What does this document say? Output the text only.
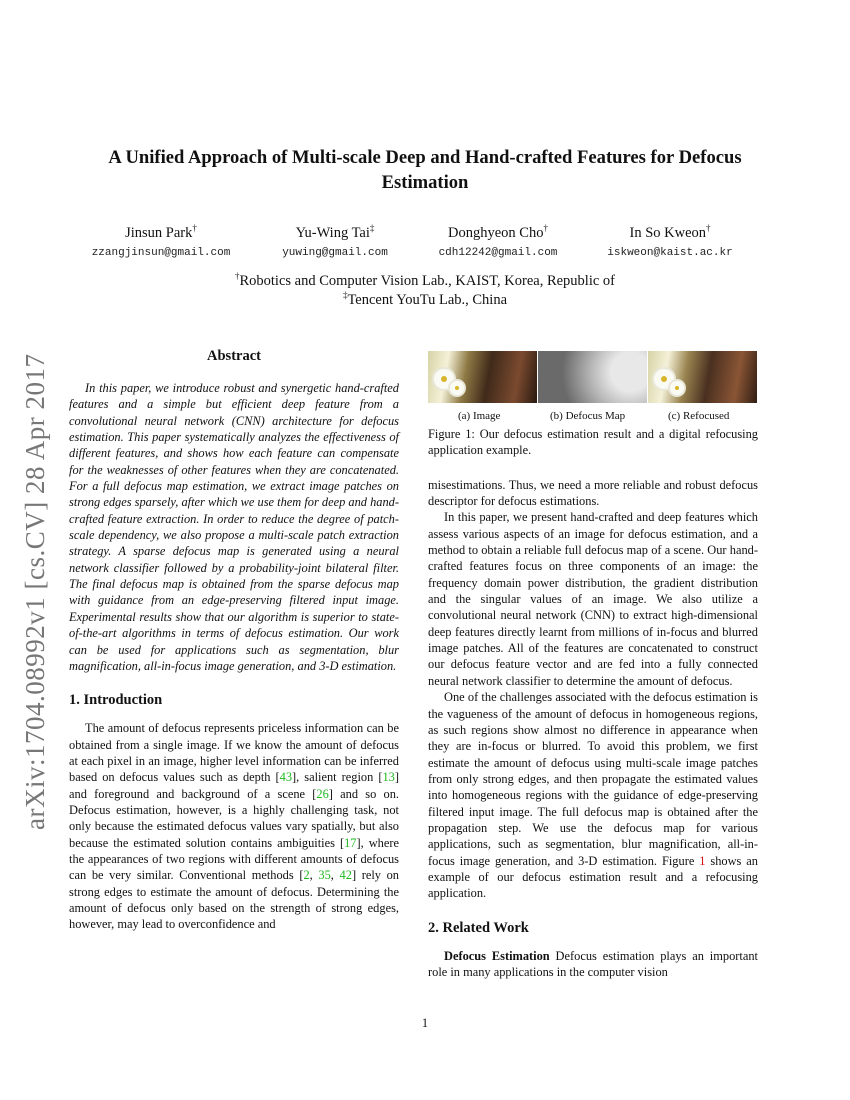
arXiv:1704.08992v1 [cs.CV] 28 Apr 2017
A Unified Approach of Multi-scale Deep and Hand-crafted Features for Defocus Estimation
Jinsun Park†
zzangjinsun@gmail.com
Yu-Wing Tai‡
yuwing@gmail.com
Donghyeon Cho†
cdh12242@gmail.com
In So Kweon†
iskweon@kaist.ac.kr
†Robotics and Computer Vision Lab., KAIST, Korea, Republic of
‡Tencent YouTu Lab., China
Abstract

In this paper, we introduce robust and synergetic hand-crafted features and a simple but efficient deep feature from a convolutional neural network (CNN) architecture for defocus estimation. This paper systematically analyzes the effectiveness of different features, and shows how each feature can compensate for the weaknesses of other features when they are concatenated. For a full defocus map estimation, we extract image patches on strong edges sparsely, after which we use them for deep and hand-crafted feature extraction. In order to reduce the degree of patch-scale dependency, we also propose a multi-scale patch extraction strategy. A sparse defocus map is generated using a neural network classifier followed by a probability-joint bilateral filter. The final defocus map is obtained from the sparse defocus map with guidance from an edge-preserving filtered input image. Experimental results show that our algorithm is superior to state-of-the-art algorithms in terms of defocus estimation. Our work can be used for applications such as segmentation, blur magnification, all-in-focus image generation, and 3-D estimation.

1. Introduction

The amount of defocus represents priceless information can be obtained from a single image. If we know the amount of defocus at each pixel in an image, higher level information can be inferred based on defocus values such as depth [43], salient region [13] and foreground and background of a scene [26] and so on. Defocus estimation, however, is a highly challenging task, not only because the estimated defocus values vary spatially, but also because the estimated solution contains ambiguities [17], where the appearances of two regions with different amounts of defocus can be very similar. Conventional methods [2, 35, 42] rely on strong edges to estimate the amount of defocus. Determining the amount of defocus only based on the strength of strong edges, however, may lead to overconfidence and

(a) Image	(b) Defocus Map	(c) Refocused
Figure 1: Our defocus estimation result and a digital refocusing application example.

misestimations. Thus, we need a more reliable and robust defocus descriptor for defocus estimations.

In this paper, we present hand-crafted and deep features which assess various aspects of an image for defocus estimation, and a method to obtain a reliable full defocus map of a scene. Our hand-crafted features focus on three components of an image: the frequency domain power distribution, the gradient distribution and the singular values of an image. We also utilize a convolutional neural network (CNN) to extract high-dimensional deep features directly learnt from millions of in-focus and blurred image patches. All of the features are concatenated to construct our defocus feature vector and are fed into a fully connected neural network classifier to determine the amount of defocus.

One of the challenges associated with the defocus estimation is the vagueness of the amount of defocus in homogeneous regions, as such regions show almost no difference in appearance when they are in-focus or blurred. To avoid this problem, we first estimate the amount of defocus using multi-scale image patches from only strong edges, and then propagate the estimated values into homogeneous regions with the guidance of edge-preserving filtered input image. The full defocus map is obtained after the propagation step. We use the defocus map for various applications, such as segmentation, blur magnification, all-in-focus image generation, and 3-D estimation. Figure 1 shows an example of our defocus estimation result and a refocusing application.

2. Related Work

Defocus Estimation Defocus estimation plays an important role in many applications in the computer vision

1
